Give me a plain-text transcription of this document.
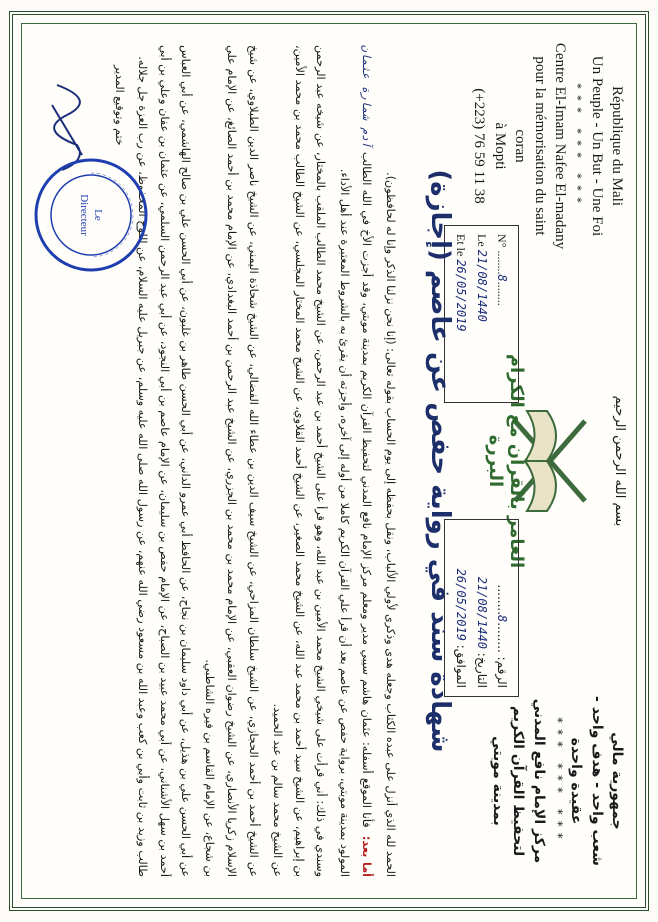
République du Mali
Un Peuple - Un But - Une Foi
*** *** ***
Centre El-Imam Nafee El-madany
pour la mémorisation du saint coran
à Mopti
(+223) 76 59 11 38
جمهورية مالي
شعب واحد - هدف واحد - عقيدة واحدة
*** *** ***
مركز الإمام نافع المدني
لتحفيظ القرآن الكريم
بمدينة موبتي
بسم الله الرحمن الرحيم
العامر بالقرآن مع الكرام البررة
N° ........8........
Le 21/08/1440
Et le 26/05/2019
الرقم: ........8........
التاريخ: 21/08/1440
الموافق: 26/05/2019
شهادة سند في رواية حفص عن عاصم (إجازة)

الحمد لله الذي أنزل على عبده الكتاب وجعله هدى وذكرى لأولي الألباب، ونقل بحفظه إلى يوم الحساب بقوله تعالى: (إنا نحن نزلنا الذكر وإنا له لحافظون).

أما بعد: فأنا الموقع أسفله: عثمان هاشم سيبي مدير ومعلم مركز الإمام نافع المدني لتحفيظ القرآن الكريم بمدينة موبتي، وقد أجزت الأخ في الله الطالب آدم شمارة عثمان المولود بمدينة موبتي، برواية حفص عن عاصم بعد أن قرأ علي القرآن الكريم كاملا من أوله إلى آخره، وأجزته أن يقرئ به بالشروط المعتبرة عند أهل الأداء.

وسندي في ذلك: أني قرأت على شيخي الشيخ محمد الأمين بن عبد الله، وهو قرأ على الشيخ أحمد بن عبد الرحمن، عن الشيخ محمد الطالب الملقب بالمختار، عن شيخه عبد الرحمن بن إبراهيم، عن الشيخ سيد أحمد بن محمد عبد الله، عن الشيخ محمد الصغير، عن الشيخ أحمد القلاوي، عن الشيخ محمد المختار المجلسي، عن الشيخ الطالب محمد بن محمد الأمين، عن الشيخ محمد سالم بن عبد الحميد.

عن الشيخ أحمد بن أحمد الحجازي، عن الشيخ سلطان المزاحي، عن الشيخ سيف الدين بن عطاء الله الفضالي، عن الشيخ شحاذة اليمني، عن الشيخ ناصر الدين الطبلاوي، عن شيخ الإسلام زكريا الأنصاري، عن الشيخ رضوان العقبي، عن الإمام محمد بن محمد بن الجزري، عن الشيخ عبد الرحمن بن أحمد البغدادي، عن الإمام محمد بن أحمد الصائغ، عن الإمام علي بن شجاع، عن الإمام القاسم بن فيره الشاطبي.

عن أبي الحسن علي بن هذيل، عن أبي داود سليمان بن نجاح، عن الحافظ أبي عمرو الداني، عن أبي الحسن طاهر بن غلبون، عن أبي الحسن علي بن صالح الهاشمي، عن أبي العباس أحمد بن سهل الأشناني، عن أبي محمد عبيد بن الصباح، عن الإمام حفص بن سليمان، عن الإمام عاصم بن أبي النجود، عن أبي عبد الرحمن السلمي، عن عثمان بن عفان وعلي بن أبي طالب وزيد بن ثابت وأبي بن كعب وعبد الله بن مسعود رضي الله عنهم، عن رسول الله صلى الله عليه وسلم، عن جبريل عليه السلام، عن اللوح المحفوظ، عن رب العزة جل جلاله.

ختم وتوقيع المدير
Le
Directeur
